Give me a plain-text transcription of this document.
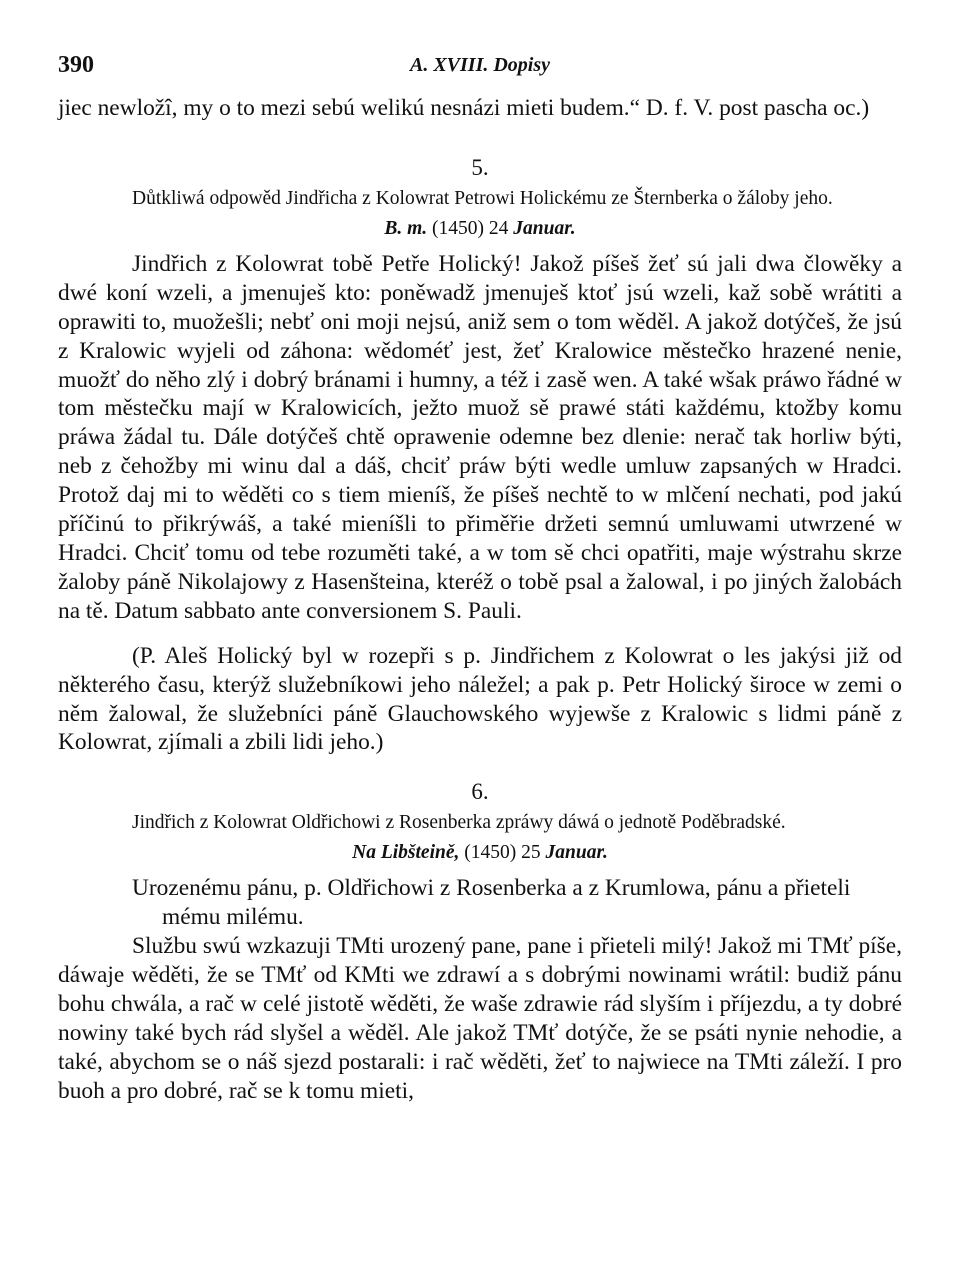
390	A. XVIII. Dopisy

jiec newložî, my o to mezi sebú welikú nesnázi mieti budem.“ D. f. V. post pascha oc.)

5.

Důtkliwá odpowěd Jindřicha z Kolowrat Petrowi Holickému ze Šternberka o žáloby jeho.

B. m. (1450) 24 Januar.

Jindřich z Kolowrat tobě Petře Holický! Jakož píšeš žeť sú jali dwa člowěky a dwé koní wzeli, a jmenuješ kto: poněwadž jmenuješ ktoť jsú wzeli, kaž sobě wrátiti a oprawiti to, muožešli; nebť oni moji nejsú, aniž sem o tom wěděl. A jakož dotýčeš, že jsú z Kralowic wyjeli od záhona: wědoméť jest, žeť Kralowice městečko hrazené nenie, muožť do něho zlý i dobrý bránami i humny, a též i zasě wen. A také wšak práwo řádné w tom městečku mají w Kralowicích, ježto muož sě prawé státi každému, ktožby komu práwa žádal tu. Dále dotýčeš chtě oprawenie odemne bez dlenie: nerač tak horliw býti, neb z čehožby mi winu dal a dáš, chciť práw býti wedle umluw zapsaných w Hradci. Protož daj mi to wěděti co s tiem mieníš, že píšeš nechtě to w mlčení nechati, pod jakú příčinú to přikrýwáš, a také mieníšli to přiměřie držeti semnú umluwami utwrzené w Hradci. Chciť tomu od tebe rozuměti také, a w tom sě chci opatřiti, maje wýstrahu skrze žaloby páně Nikolajowy z Hasenšteina, kteréž o tobě psal a žalowal, i po jiných žalobách na tě. Datum sabbato ante conversionem S. Pauli.

(P. Aleš Holický byl w rozepři s p. Jindřichem z Kolowrat o les jakýsi již od některého času, kterýž služebníkowi jeho náležel; a pak p. Petr Holický široce w zemi o něm žalowal, že služebníci páně Glauchowského wyjewše z Kralowic s lidmi páně z Kolowrat, zjímali a zbili lidi jeho.)

6.

Jindřich z Kolowrat Oldřichowi z Rosenberka zpráwy dáwá o jednotě Poděbradské.

Na Libšteině, (1450) 25 Januar.

Urozenému pánu, p. Oldřichowi z Rosenberka a z Krumlowa, pánu a přieteli mému milému.

Službu swú wzkazuji TMti urozený pane, pane i přieteli milý! Jakož mi TMť píše, dáwaje wěděti, že se TMť od KMti we zdrawí a s dobrými nowinami wrátil: budiž pánu bohu chwála, a rač w celé jistotě wěděti, že waše zdrawie rád slyším i příjezdu, a ty dobré nowiny také bych rád slyšel a wěděl. Ale jakož TMť dotýče, že se psáti nynie nehodie, a také, abychom se o náš sjezd postarali: i rač wěděti, žeť to najwiece na TMti záleží. I pro buoh a pro dobré, rač se k tomu mieti,
